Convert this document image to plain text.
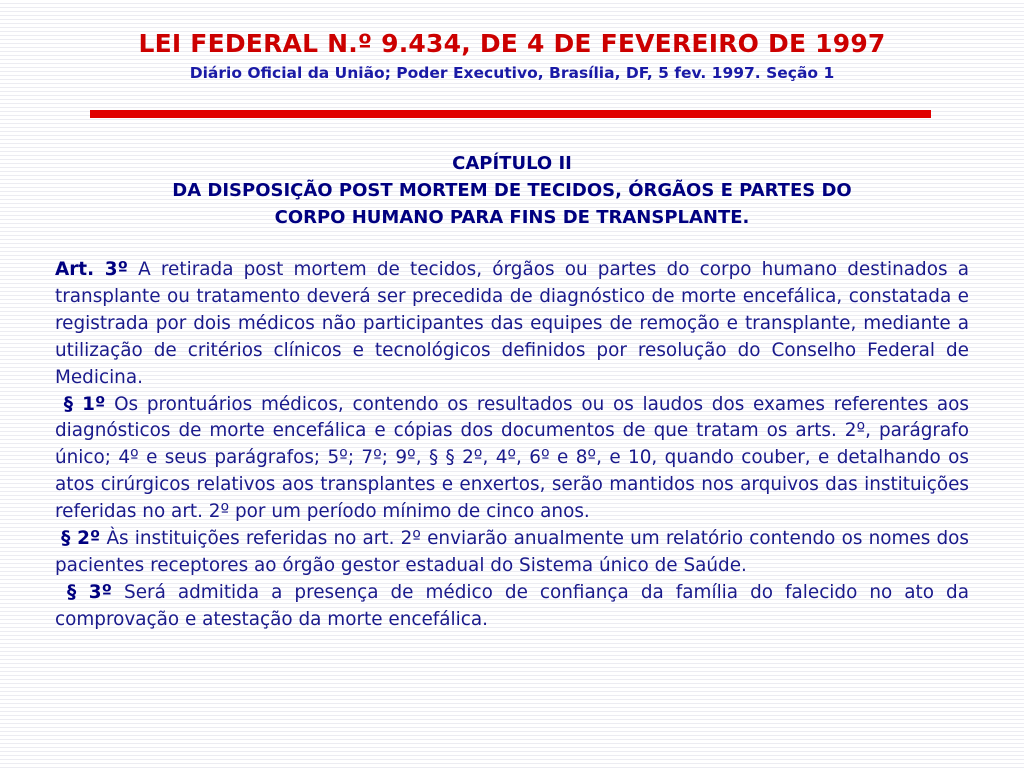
LEI FEDERAL N.º 9.434, DE 4 DE FEVEREIRO DE 1997

Diário Oficial da União; Poder Executivo, Brasília, DF, 5 fev. 1997. Seção 1

CAPÍTULO II
DA DISPOSIÇÃO POST MORTEM DE TECIDOS, ÓRGÃOS E PARTES DO
CORPO HUMANO PARA FINS DE TRANSPLANTE.

Art. 3º A retirada post mortem de tecidos, órgãos ou partes do corpo humano destinados a transplante ou tratamento deverá ser precedida de diagnóstico de morte encefálica, constatada e registrada por dois médicos não participantes das equipes de remoção e transplante, mediante a utilização de critérios clínicos e tecnológicos definidos por resolução do Conselho Federal de Medicina.

§ 1º Os prontuários médicos, contendo os resultados ou os laudos dos exames referentes aos diagnósticos de morte encefálica e cópias dos documentos de que tratam os arts. 2º, parágrafo único; 4º e seus parágrafos; 5º; 7º; 9º, § § 2º, 4º, 6º e 8º, e 10, quando couber, e detalhando os atos cirúrgicos relativos aos transplantes e enxertos, serão mantidos nos arquivos das instituições referidas no art. 2º por um período mínimo de cinco anos.

§ 2º Às instituições referidas no art. 2º enviarão anualmente um relatório contendo os nomes dos pacientes receptores ao órgão gestor estadual do Sistema único de Saúde.

§ 3º Será admitida a presença de médico de confiança da família do falecido no ato da comprovação e atestação da morte encefálica.
